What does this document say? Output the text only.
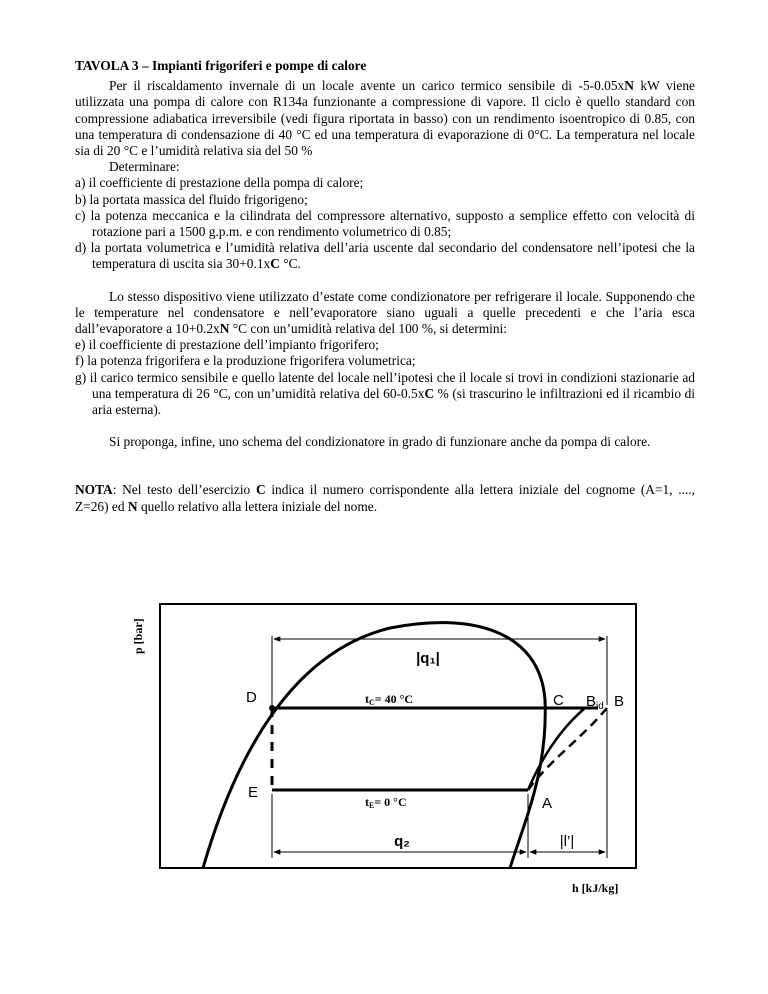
TAVOLA 3 – Impianti frigoriferi e pompe di calore

Per il riscaldamento invernale di un locale avente un carico termico sensibile di -5-0.05xN kW viene utilizzata una pompa di calore con R134a funzionante a compressione di vapore. Il ciclo è quello standard con compressione adiabatica irreversibile (vedi figura riportata in basso) con un rendimento isoentropico di 0.85, con una temperatura di condensazione di 40 °C ed una temperatura di evaporazione di 0°C. La temperatura nel locale sia di 20 °C e l’umidità relativa sia del 50 %

Determinare:

a) il coefficiente di prestazione della pompa di calore;
b) la portata massica del fluido frigorigeno;
c) la potenza meccanica e la cilindrata del compressore alternativo, supposto a semplice effetto con velocità di rotazione pari a 1500 g.p.m. e con rendimento volumetrico di 0.85;
d) la portata volumetrica e l’umidità relativa dell’aria uscente dal secondario del condensatore nell’ipotesi che la temperatura di uscita sia 30+0.1xC °C.

Lo stesso dispositivo viene utilizzato d’estate come condizionatore per refrigerare il locale. Supponendo che le temperature nel condensatore e nell’evaporatore siano uguali a quelle precedenti e che l’aria esca dall’evaporatore a 10+0.2xN °C con un’umidità relativa del 100 %, si determini:

e) il coefficiente di prestazione dell’impianto frigorifero;
f) la potenza frigorifera e la produzione frigorifera volumetrica;
g) il carico termico sensibile e quello latente del locale nell’ipotesi che il locale si trovi in condizioni stazionarie ad una temperatura di 26 °C, con un’umidità relativa del 60-0.5xC % (si trascurino le infiltrazioni ed il ricambio di aria esterna).

Si proponga, infine, uno schema del condizionatore in grado di funzionare anche da pompa di calore.

NOTA: Nel testo dell’esercizio C indica il numero corrispondente alla lettera iniziale del cognome (A=1, ...., Z=26) ed N quello relativo alla lettera iniziale del nome.

p [bar]
h [kJ/kg]
|q₁|
q₂	|l’|
tC= 40 °C
tE= 0 °C
D	C $B_{id}$ B
E
A
